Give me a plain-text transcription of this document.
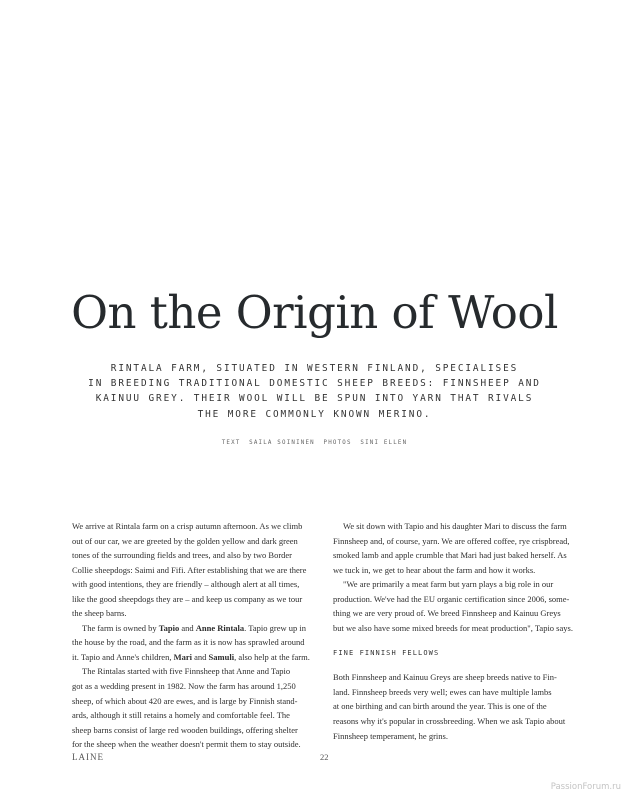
On the Origin of Wool
RINTALA FARM, SITUATED IN WESTERN FINLAND, SPECIALISES
IN BREEDING TRADITIONAL DOMESTIC SHEEP BREEDS: FINNSHEEP AND
KAINUU GREY. THEIR WOOL WILL BE SPUN INTO YARN THAT RIVALS
THE MORE COMMONLY KNOWN MERINO.
TEXT SAILA SOININEN PHOTOS SINI ELLEN

We arrive at Rintala farm on a crisp autumn afternoon. As we climb
out of our car, we are greeted by the golden yellow and dark green
tones of the surrounding fields and trees, and also by two Border
Collie sheepdogs: Saimi and Fifi. After establishing that we are there
with good intentions, they are friendly – although alert at all times,
like the good sheepdogs they are – and keep us company as we tour
the sheep barns.

The farm is owned by Tapio and Anne Rintala. Tapio grew up in
the house by the road, and the farm as it is now has sprawled around
it. Tapio and Anne's children, Mari and Samuli, also help at the farm.

The Rintalas started with five Finnsheep that Anne and Tapio
got as a wedding present in 1982. Now the farm has around 1,250
sheep, of which about 420 are ewes, and is large by Finnish stand-
ards, although it still retains a homely and comfortable feel. The
sheep barns consist of large red wooden buildings, offering shelter
for the sheep when the weather doesn't permit them to stay outside.

We sit down with Tapio and his daughter Mari to discuss the farm
Finnsheep and, of course, yarn. We are offered coffee, rye crispbread,
smoked lamb and apple crumble that Mari had just baked herself. As
we tuck in, we get to hear about the farm and how it works.

"We are primarily a meat farm but yarn plays a big role in our
production. We've had the EU organic certification since 2006, some-
thing we are very proud of. We breed Finnsheep and Kainuu Greys
but we also have some mixed breeds for meat production", Tapio says.

FINE FINNISH FELLOWS

Both Finnsheep and Kainuu Greys are sheep breeds native to Fin-
land. Finnsheep breeds very well; ewes can have multiple lambs
at one birthing and can birth around the year. This is one of the
reasons why it's popular in crossbreeding. When we ask Tapio about
Finnsheep temperament, he grins.

LAINE	22
PassionForum.ru
